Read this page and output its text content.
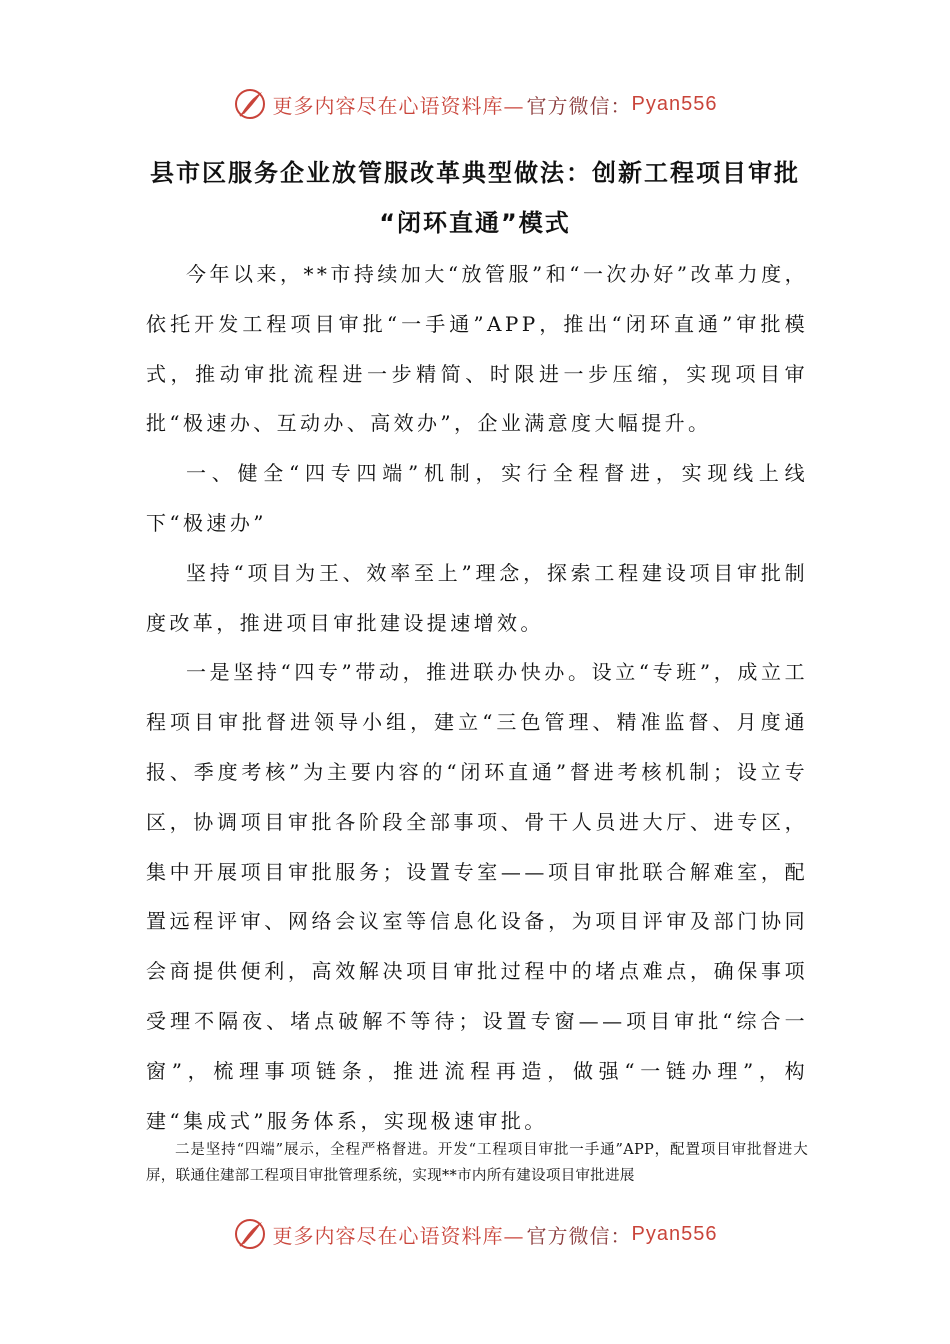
更多内容尽在心语资料库— 官方微信： Pyan556
县市区服务企业放管服改革典型做法：创新工程项目审批
“闭环直通”模式

今年以来，**市持续加大“放管服”和“一次办好”改革力度，依托开发工程项目审批“一手通”APP，推出“闭环直通”审批模式，推动审批流程进一步精简、时限进一步压缩，实现项目审批“极速办、互动办、高效办”，企业满意度大幅提升。

一、健全“四专四端”机制，实行全程督进，实现线上线下“极速办”

坚持“项目为王、效率至上”理念，探索工程建设项目审批制度改革，推进项目审批建设提速增效。

一是坚持“四专”带动，推进联办快办。设立“专班”，成立工程项目审批督进领导小组，建立“三色管理、精准监督、月度通报、季度考核”为主要内容的“闭环直通”督进考核机制；设立专区，协调项目审批各阶段全部事项、骨干人员进大厅、进专区，集中开展项目审批服务；设置专室——项目审批联合解难室，配置远程评审、网络会议室等信息化设备，为项目评审及部门协同会商提供便利，高效解决项目审批过程中的堵点难点，确保事项受理不隔夜、堵点破解不等待；设置专窗——项目审批“综合一窗”，梳理事项链条，推进流程再造，做强“一链办理”，构建“集成式”服务体系，实现极速审批。

二是坚持“四端”展示，全程严格督进。开发“工程项目审批一手通”APP，配置项目审批督进大屏，联通住建部工程项目审批管理系统，实现**市内所有建设项目审批进展

更多内容尽在心语资料库— 官方微信： Pyan556
